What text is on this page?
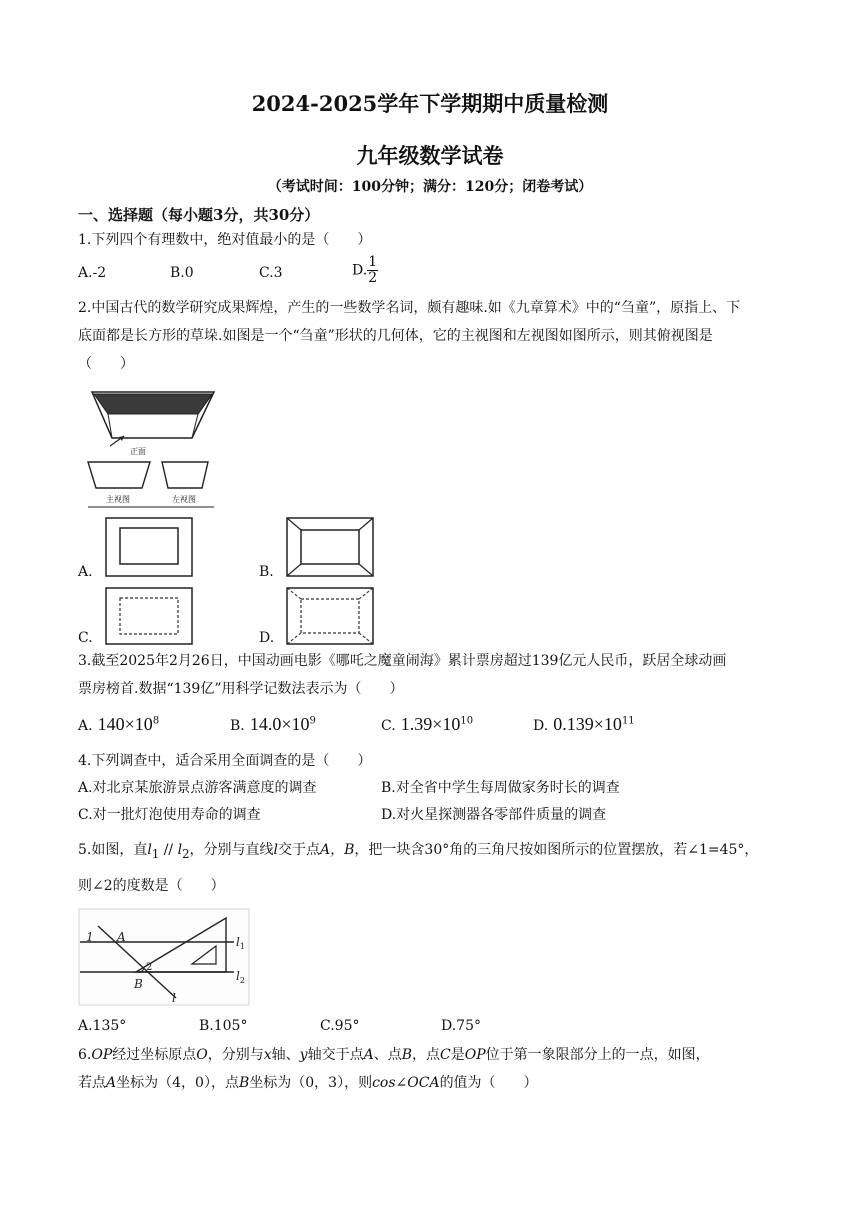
2024-2025学年下学期期中质量检测
九年级数学试卷
（考试时间：100分钟；满分：120分；闭卷考试）
一、选择题（每小题3分，共30分）
1.下列四个有理数中，绝对值最小的是（　　）
A.-2	B.0	C.3	D. $\frac{1}{2}$
2.中国古代的数学研究成果辉煌，产生的一些数学名词，颇有趣味.如《九章算术》中的“刍童”，原指上、下
底面都是长方形的草垛.如图是一个“刍童”形状的几何体，它的主视图和左视图如图所示，则其俯视图是
（　　）
正面
主视图	左视图
A.	B.
C.	D.
3.截至2025年2月26日，中国动画电影《哪吒之魔童闹海》累计票房超过139亿元人民币，跃居全球动画
票房榜首.数据“139亿”用科学记数法表示为（　　）
A. $140\times 10^8$	B. $14.0\times 10^9$	C. $1.39\times 10^{10}$	D. $0.139\times 10^{11}$
4.下列调查中，适合采用全面调查的是（　　）
A.对北京某旅游景点游客满意度的调查	B.对全省中学生每周做家务时长的调查
C.对一批灯泡使用寿命的调查	D.对火星探测器各零部件质量的调查
5.如图，直$l_1 // l_2$，分别与直线l交于点A，B，把一块含30°角的三角尺按如图所示的位置摆放，若∠1=45°，
则∠2的度数是（　　）
1 A
2
B
l
$l_1$
$l_2$
A.135°	B.105°	C.95°	D.75°
6.OP经过坐标原点O，分别与x轴、y轴交于点A、点B，点C是OP位于第一象限部分上的一点，如图，
若点A坐标为（4，0），点B坐标为（0，3），则cos∠OCA的值为（　　）
